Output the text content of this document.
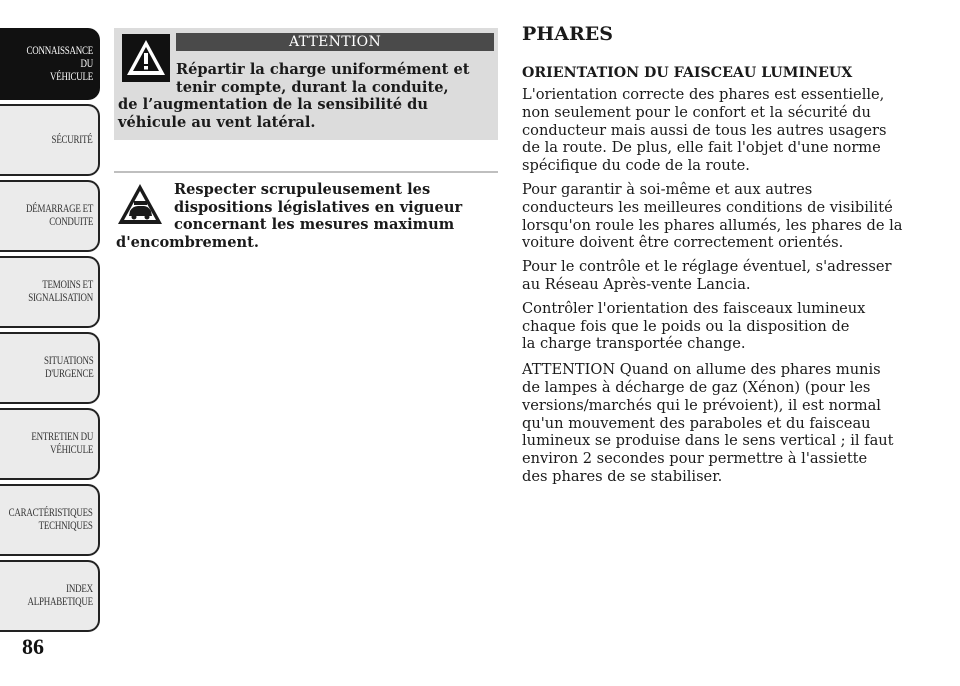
CONNAISSANCE DU
VÉHICULE
SÉCURITÉ
DÉMARRAGE ET
CONDUITE
TEMOINS ET
SIGNALISATION
SITUATIONS
D'URGENCE
ENTRETIEN DU
VÉHICULE
CARACTÉRISTIQUES
TECHNIQUES
INDEX
ALPHABETIQUE
86
ATTENTION
Répartir la charge uniformément et
tenir compte, durant la conduite,
de l’augmentation de la sensibilité du véhicule au vent latéral.
Respecter scrupuleusement les
dispositions législatives en vigueur
concernant les mesures maximum
d'encombrement.
PHARES
ORIENTATION DU FAISCEAU LUMINEUX

L'orientation correcte des phares est essentielle,
non seulement pour le confort et la sécurité du
conducteur mais aussi de tous les autres usagers
de la route. De plus, elle fait l'objet d'une norme
spécifique du code de la route.

Pour garantir à soi-même et aux autres
conducteurs les meilleures conditions de visibilité
lorsqu'on roule les phares allumés, les phares de la
voiture doivent être correctement orientés.

Pour le contrôle et le réglage éventuel, s'adresser
au Réseau Après-vente Lancia.

Contrôler l'orientation des faisceaux lumineux
chaque fois que le poids ou la disposition de
la charge transportée change.

ATTENTION Quand on allume des phares munis
de lampes à décharge de gaz (Xénon) (pour les
versions/marchés qui le prévoient), il est normal
qu'un mouvement des paraboles et du faisceau
lumineux se produise dans le sens vertical ; il faut
environ 2 secondes pour permettre à l'assiette
des phares de se stabiliser.
